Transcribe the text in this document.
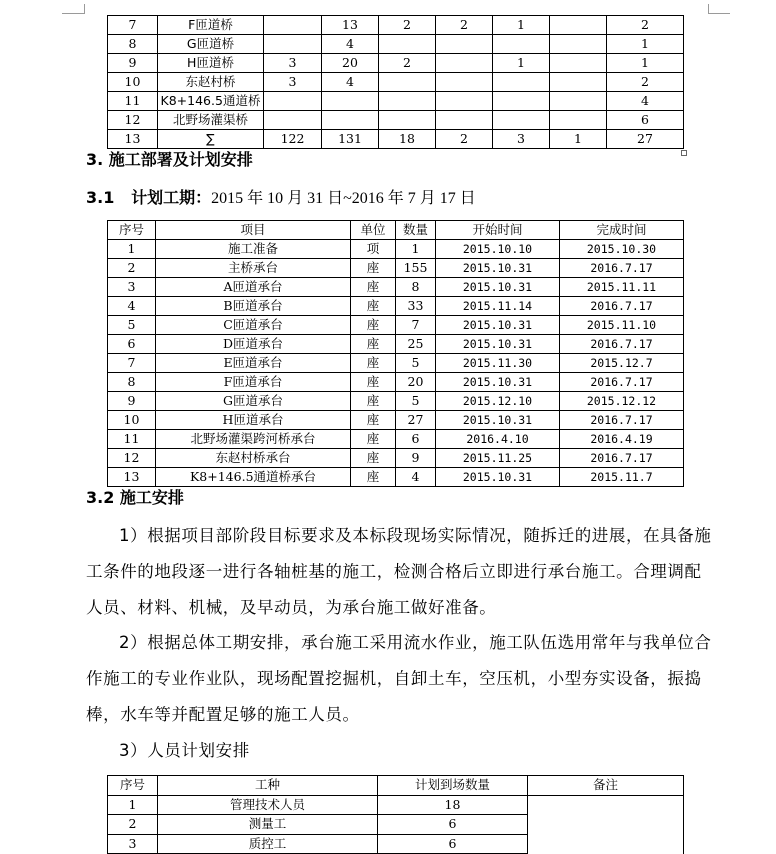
7	F匝道桥		13	2	2	1		2
8	G匝道桥		4					1
9	H匝道桥	3	20	2		1		1
10	东赵村桥	3	4					2
11	K8+146.5通道桥							4
12	北野场灌渠桥							6
13	∑	122	131	18	2	3	1	27
3. 施工部署及计划安排
3.1 计划工期：2015 年 10 月 31 日~2016 年 7 月 17 日
序号	项目	单位	数量	开始时间	完成时间
1	施工准备	项	1	2015.10.10	2015.10.30
2	主桥承台	座	155	2015.10.31	2016.7.17
3	A匝道承台	座	8	2015.10.31	2015.11.11
4	B匝道承台	座	33	2015.11.14	2016.7.17
5	C匝道承台	座	7	2015.10.31	2015.11.10
6	D匝道承台	座	25	2015.10.31	2016.7.17
7	E匝道承台	座	5	2015.11.30	2015.12.7
8	F匝道承台	座	20	2015.10.31	2016.7.17
9	G匝道承台	座	5	2015.12.10	2015.12.12
10	H匝道承台	座	27	2015.10.31	2016.7.17
11	北野场灌渠跨河桥承台	座	6	2016.4.10	2016.4.19
12	东赵村桥承台	座	9	2015.11.25	2016.7.17
13	K8+146.5通道桥承台	座	4	2015.10.31	2015.11.7
3.2 施工安排
1）根据项目部阶段目标要求及本标段现场实际情况，随拆迁的进展，在具备施工条件的地段逐一进行各轴桩基的施工，检测合格后立即进行承台施工。合理调配人员、材料、机械，及早动员，为承台施工做好准备。
2）根据总体工期安排，承台施工采用流水作业，施工队伍选用常年与我单位合作施工的专业作业队，现场配置挖掘机，自卸土车，空压机，小型夯实设备，振捣棒，水车等并配置足够的施工人员。
3）人员计划安排
序号	工种	计划到场数量	备注
1	管理技术人员	18	
2	测量工	6	
3	质控工	6	
